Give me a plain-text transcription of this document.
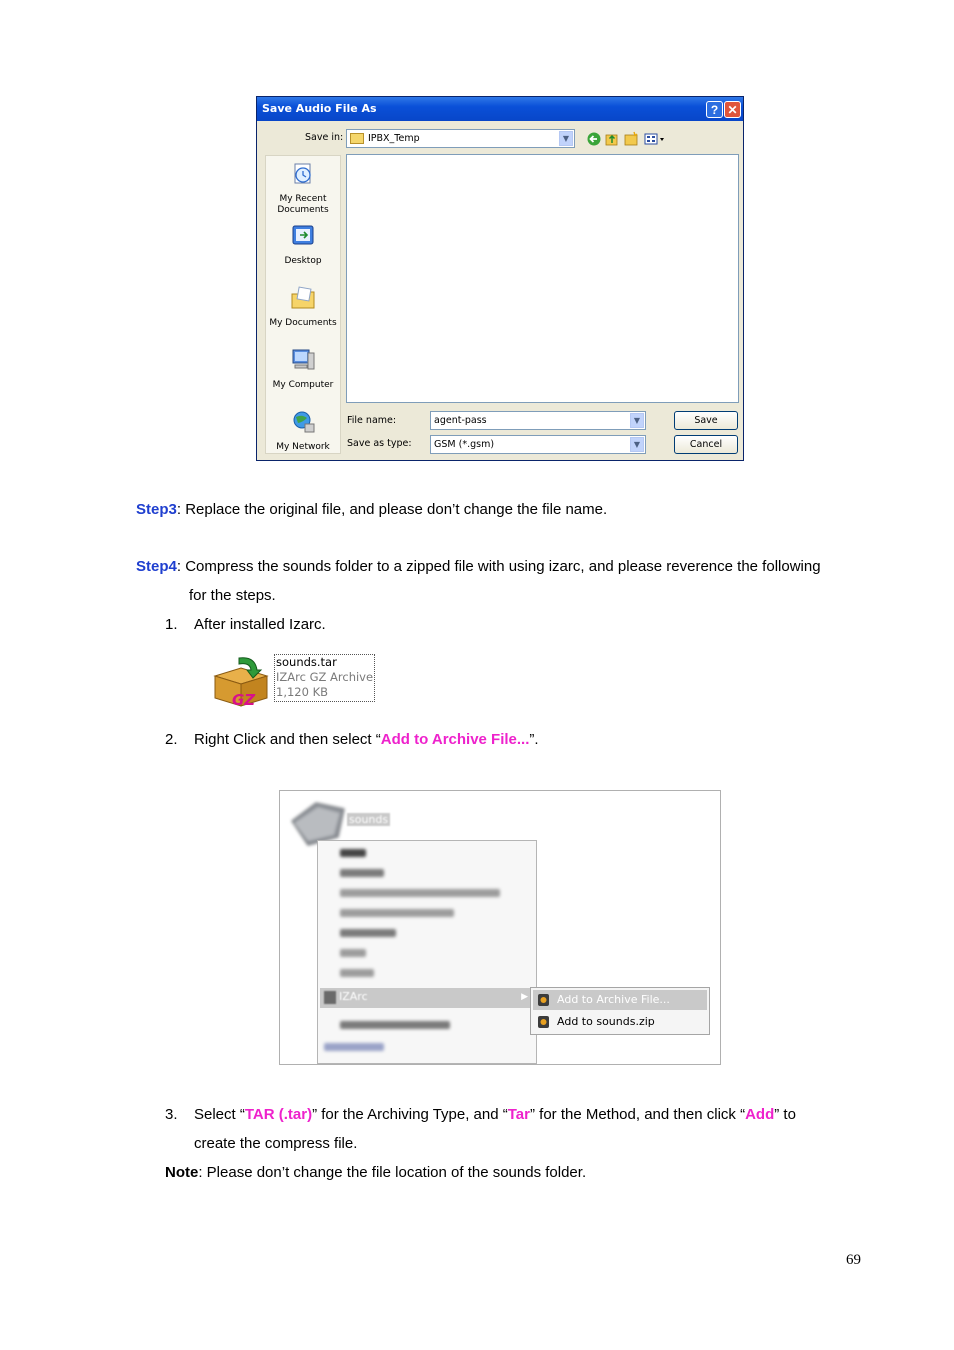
Save Audio File As	? ✕
Save in:	IPBX_Temp	▼
My Recent Documents
Desktop
My Documents
My Computer
My Network
File name:	agent-pass	▼	Save
Save as type:	GSM (*.gsm)	▼	Cancel
Step3: Replace the original file, and please don’t change the file name.
Step4: Compress the sounds folder to a zipped file with using izarc, and please reverence the following
for the steps.
1. After installed Izarc.
GZ
sounds.tar
IZArc GZ Archive
1,120 KB
2. Right Click and then select “Add to Archive File...”.
sounds
IZArc	▶	Add to Archive File...
Add to sounds.zip
3. Select “TAR (.tar)” for the Archiving Type, and “Tar” for the Method, and then click “Add” to
create the compress file.
Note: Please don’t change the file location of the sounds folder.
69
